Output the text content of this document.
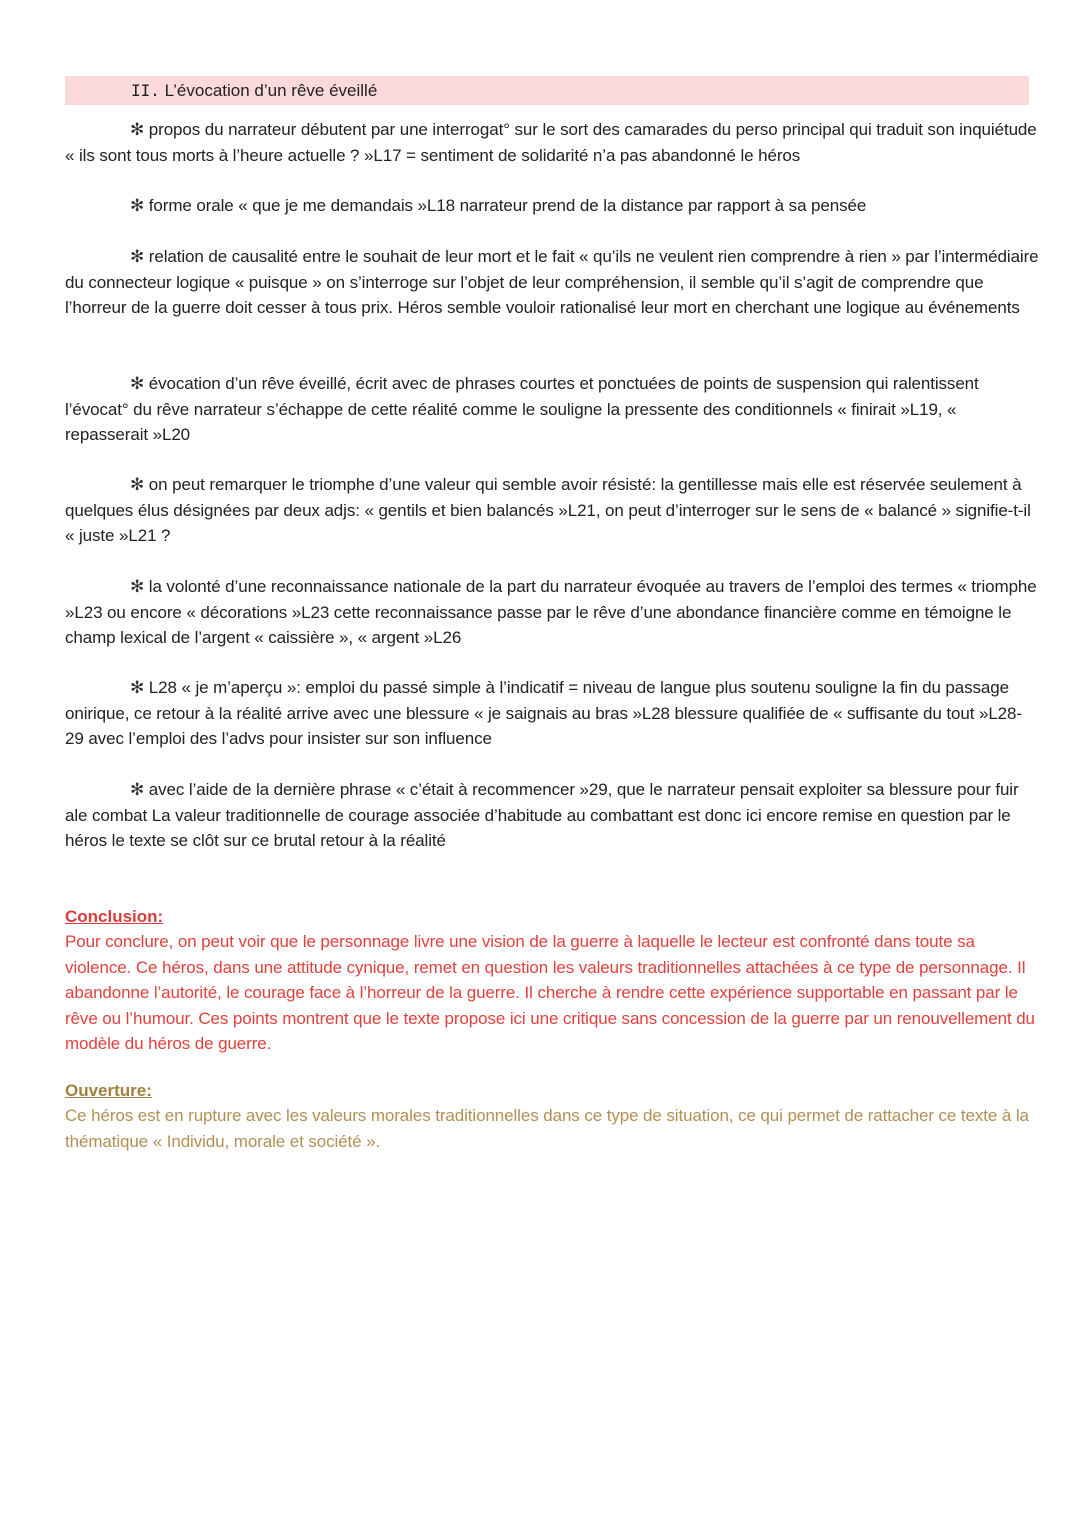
II. L’évocation d’un rêve éveillé

✻ propos du narrateur débutent par une interrogat° sur le sort des camarades du perso principal qui traduit son inquiétude « ils sont tous morts à l’heure actuelle ? »L17 = sentiment de solidarité n’a pas abandonné le héros

✻ forme orale « que je me demandais »L18 narrateur prend de la distance par rapport à sa pensée

✻ relation de causalité entre le souhait de leur mort et le fait « qu’ils ne veulent rien comprendre à rien » par l’intermédiaire du connecteur logique « puisque » on s’interroge sur l’objet de leur compréhension, il semble qu’il s’agit de comprendre que l’horreur de la guerre doit cesser à tous prix. Héros semble vouloir rationalisé leur mort en cherchant une logique au événements

✻ évocation d’un rêve éveillé, écrit avec de phrases courtes et ponctuées de points de suspension qui ralentissent l’évocat° du rêve narrateur s’échappe de cette réalité comme le souligne la pressente des conditionnels « finirait »L19, « repasserait »L20

✻ on peut remarquer le triomphe d’une valeur qui semble avoir résisté: la gentillesse mais elle est réservée seulement à quelques élus désignées par deux adjs: « gentils et bien balancés »L21, on peut d’interroger sur le sens de « balancé » signifie-t-il « juste »L21 ?

✻ la volonté d’une reconnaissance nationale de la part du narrateur évoquée au travers de l’emploi des termes « triomphe »L23 ou encore « décorations »L23 cette reconnaissance passe par le rêve d’une abondance financière comme en témoigne le champ lexical de l’argent « caissière », « argent »L26

✻ L28 « je m’aperçu »: emploi du passé simple à l’indicatif = niveau de langue plus soutenu souligne la fin du passage onirique, ce retour à la réalité arrive avec une blessure « je saignais au bras »L28 blessure qualifiée de « suffisante du tout »L28-29 avec l’emploi des l’advs pour insister sur son influence

✻ avec l’aide de la dernière phrase « c’était à recommencer »29, que le narrateur pensait exploiter sa blessure pour fuir ale combat La valeur traditionnelle de courage associée d’habitude au combattant est donc ici encore remise en question par le héros le texte se clôt sur ce brutal retour à la réalité

Conclusion:

Pour conclure, on peut voir que le personnage livre une vision de la guerre à laquelle le lecteur est confronté dans toute sa violence. Ce héros, dans une attitude cynique, remet en question les valeurs traditionnelles attachées à ce type de personnage. Il abandonne l’autorité, le courage face à l’horreur de la guerre. Il cherche à rendre cette expérience supportable en passant par le rêve ou l’humour. Ces points montrent que le texte propose ici une critique sans concession de la guerre par un renouvellement du modèle du héros de guerre.

Ouverture:

Ce héros est en rupture avec les valeurs morales traditionnelles dans ce type de situation, ce qui permet de rattacher ce texte à la thématique « Individu, morale et société ».
